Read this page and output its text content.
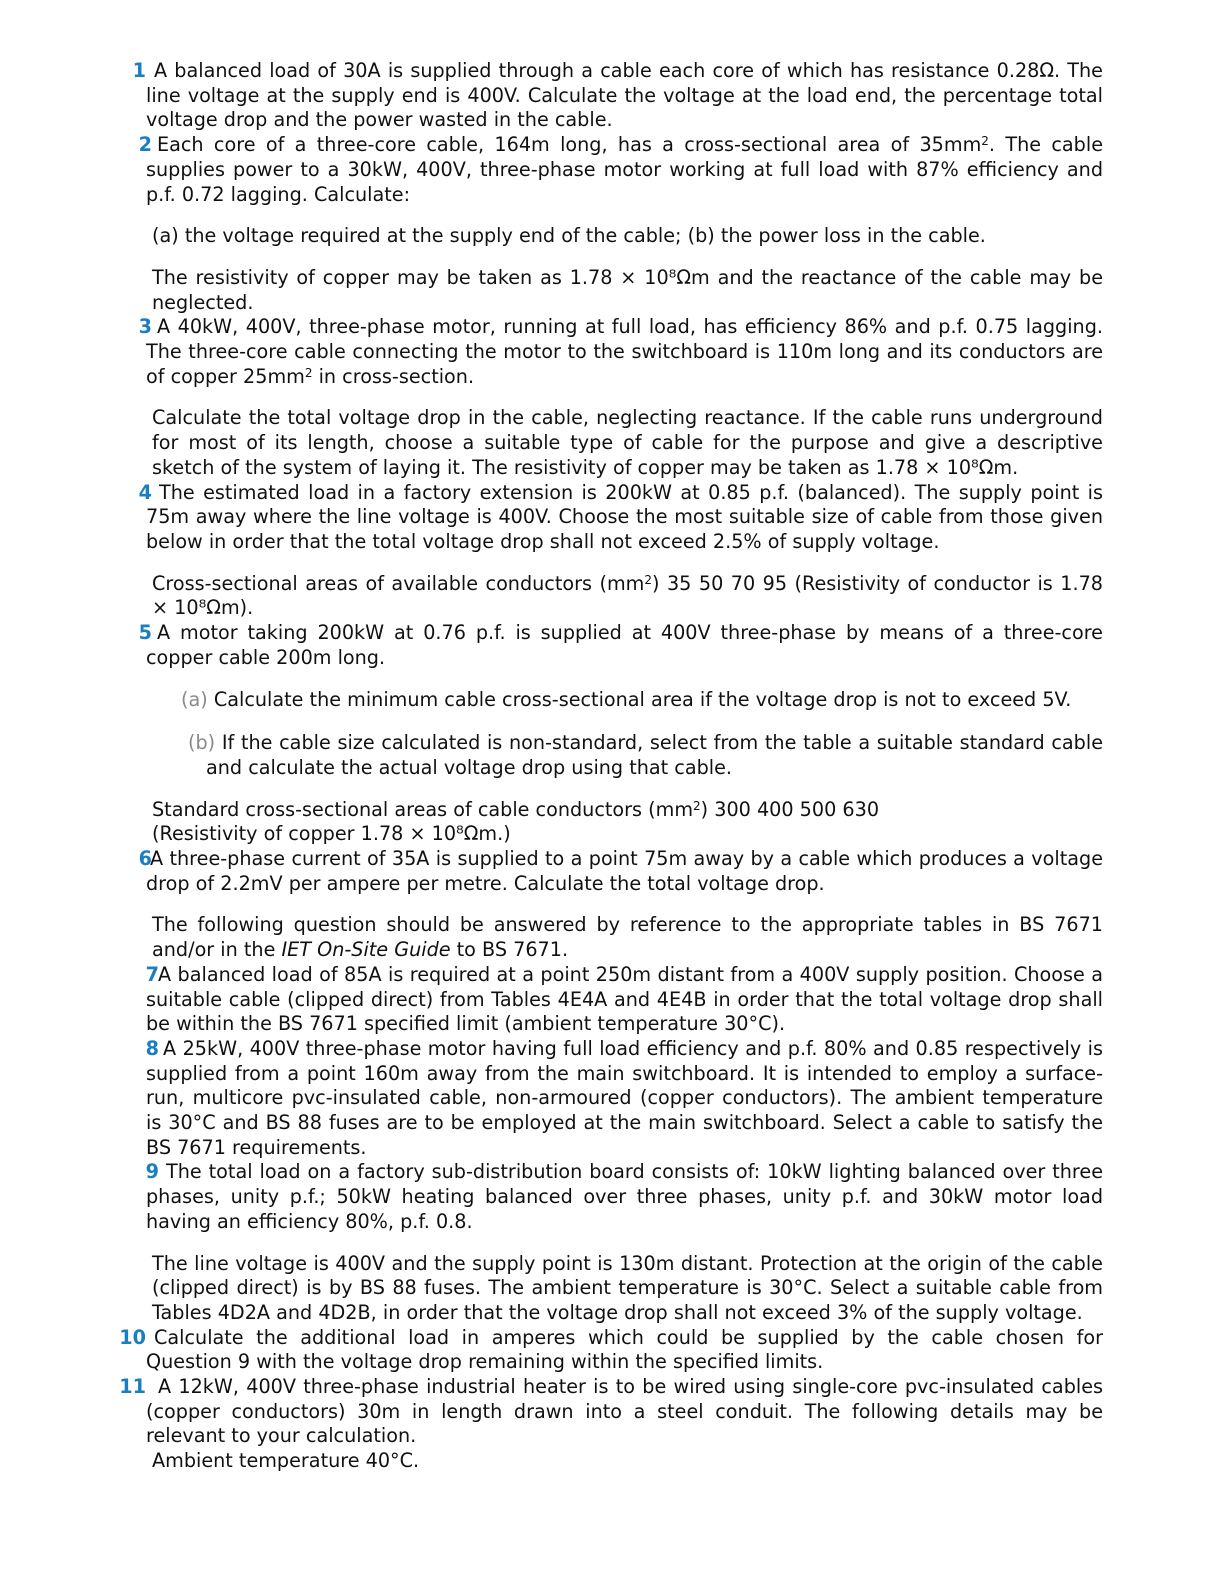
1 A balanced load of 30A is supplied through a cable each core of which has resistance 0.28Ω. The line voltage at the supply end is 400V. Calculate the voltage at the load end, the percentage total voltage drop and the power wasted in the cable.
2 Each core of a three-core cable, 164m long, has a cross-sectional area of $35mm^2$. The cable supplies power to a 30kW, 400V, three-phase motor working at full load with 87% efficiency and p.f. 0.72 lagging. Calculate:
(a) the voltage required at the supply end of the cable; (b) the power loss in the cable.
The resistivity of copper may be taken as 1.78 × 10⁸Ωm and the reactance of the cable may be neglected.
3 A 40kW, 400V, three-phase motor, running at full load, has efficiency 86% and p.f. 0.75 lagging. The three-core cable connecting the motor to the switchboard is 110m long and its conductors are of copper $25mm^2$ in cross-section.
Calculate the total voltage drop in the cable, neglecting reactance. If the cable runs underground for most of its length, choose a suitable type of cable for the purpose and give a descriptive sketch of the system of laying it. The resistivity of copper may be taken as 1.78 × 10⁸Ωm.
4 The estimated load in a factory extension is 200kW at 0.85 p.f. (balanced). The supply point is 75m away where the line voltage is 400V. Choose the most suitable size of cable from those given below in order that the total voltage drop shall not exceed 2.5% of supply voltage.
Cross-sectional areas of available conductors $(mm^2)$ 35 50 70 95 (Resistivity of conductor is 1.78 × 10⁸Ωm).
5 A motor taking 200kW at 0.76 p.f. is supplied at 400V three-phase by means of a three-core copper cable 200m long.
(a) Calculate the minimum cable cross-sectional area if the voltage drop is not to exceed 5V.
(b) If the cable size calculated is non-standard, select from the table a suitable standard cable and calculate the actual voltage drop using that cable.
Standard cross-sectional areas of cable conductors $(mm^2)$ 300 400 500 630
(Resistivity of copper 1.78 × 10⁸Ωm.)
6
A three-phase current of 35A is supplied to a point 75m away by a cable which produces a voltage drop of 2.2mV per ampere per metre. Calculate the total voltage drop.
The following question should be answered by reference to the appropriate tables in BS 7671 and/or in the IET On-Site Guide to BS 7671.
7 A balanced load of 85A is required at a point 250m distant from a 400V supply position. Choose a suitable cable (clipped direct) from Tables 4E4A and 4E4B in order that the total voltage drop shall be within the BS 7671 specified limit (ambient temperature 30°C).
8 A 25kW, 400V three-phase motor having full load efficiency and p.f. 80% and 0.85 respectively is supplied from a point 160m away from the main switchboard. It is intended to employ a surface-run, multicore pvc-insulated cable, non-armoured (copper conductors). The ambient temperature is 30°C and BS 88 fuses are to be employed at the main switchboard. Select a cable to satisfy the BS 7671 requirements.
9 The total load on a factory sub-distribution board consists of: 10kW lighting balanced over three phases, unity p.f.; 50kW heating balanced over three phases, unity p.f. and 30kW motor load having an efficiency 80%, p.f. 0.8.
The line voltage is 400V and the supply point is 130m distant. Protection at the origin of the cable (clipped direct) is by BS 88 fuses. The ambient temperature is 30°C. Select a suitable cable from Tables 4D2A and 4D2B, in order that the voltage drop shall not exceed 3% of the supply voltage.
10 Calculate the additional load in amperes which could be supplied by the cable chosen for Question 9 with the voltage drop remaining within the specified limits.
11 A 12kW, 400V three-phase industrial heater is to be wired using single-core pvc-insulated cables (copper conductors) 30m in length drawn into a steel conduit. The following details may be relevant to your calculation.
Ambient temperature 40°C.
